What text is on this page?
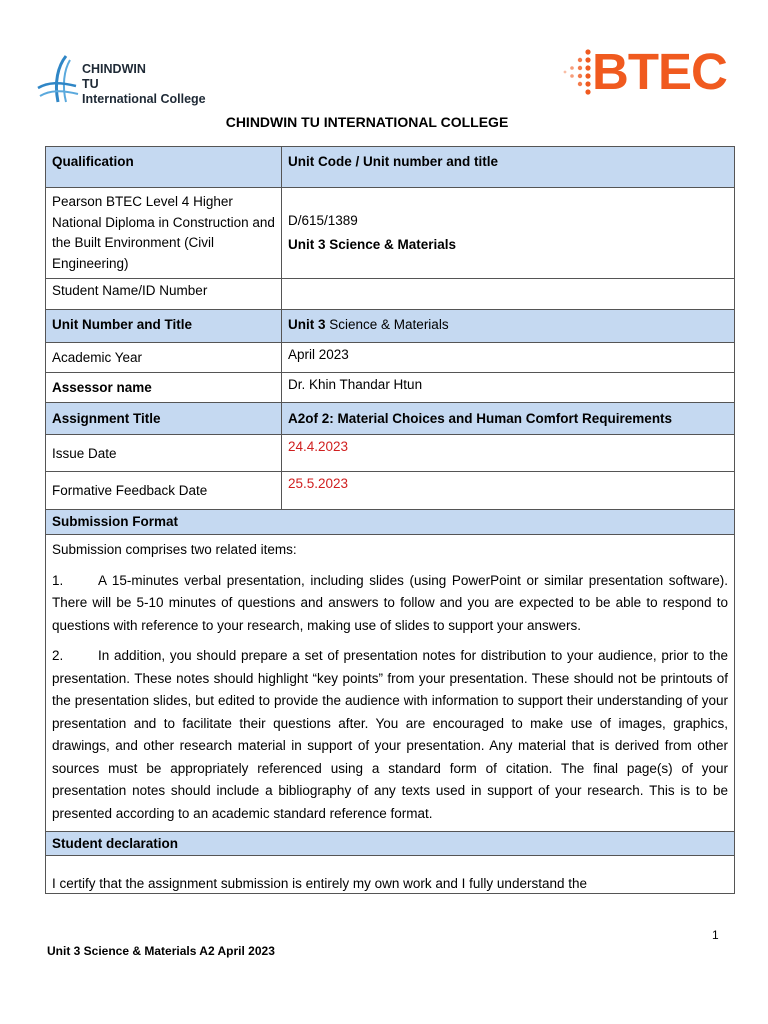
CHINDWIN
TU
International College	BTEC
CHINDWIN TU INTERNATIONAL COLLEGE
Qualification	Unit Code / Unit number and title
Pearson BTEC Level 4 Higher National Diploma in Construction and the Built Environment (Civil Engineering)	D/615/1389
Unit 3 Science & Materials

Student Name/ID Number	
Unit Number and Title	Unit 3 Science & Materials
Academic Year	April 2023
Assessor name	Dr. Khin Thandar Htun
Assignment Title	A2of 2: Material Choices and Human Comfort Requirements
Issue Date	24.4.2023
Formative Feedback Date	25.5.2023
Submission Format	

Submission comprises two related items:

1. A 15-minutes verbal presentation, including slides (using PowerPoint or similar presentation software). There will be 5-10 minutes of questions and answers to follow and you are expected to be able to respond to questions with reference to your research, making use of slides to support your answers.

2. In addition, you should prepare a set of presentation notes for distribution to your audience, prior to the presentation. These notes should highlight “key points” from your presentation. These should not be printouts of the presentation slides, but edited to provide the audience with information to support their understanding of your presentation and to facilitate their questions after. You are encouraged to make use of images, graphics, drawings, and other research material in support of your presentation. Any material that is derived from other sources must be appropriately referenced using a standard form of citation. The final page(s) of your presentation notes should include a bibliography of any texts used in support of your research. This is to be presented according to an academic standard reference format.	

Student declaration	
I certify that the assignment submission is entirely my own work and I fully understand the	
1
Unit 3 Science & Materials A2 April 2023
